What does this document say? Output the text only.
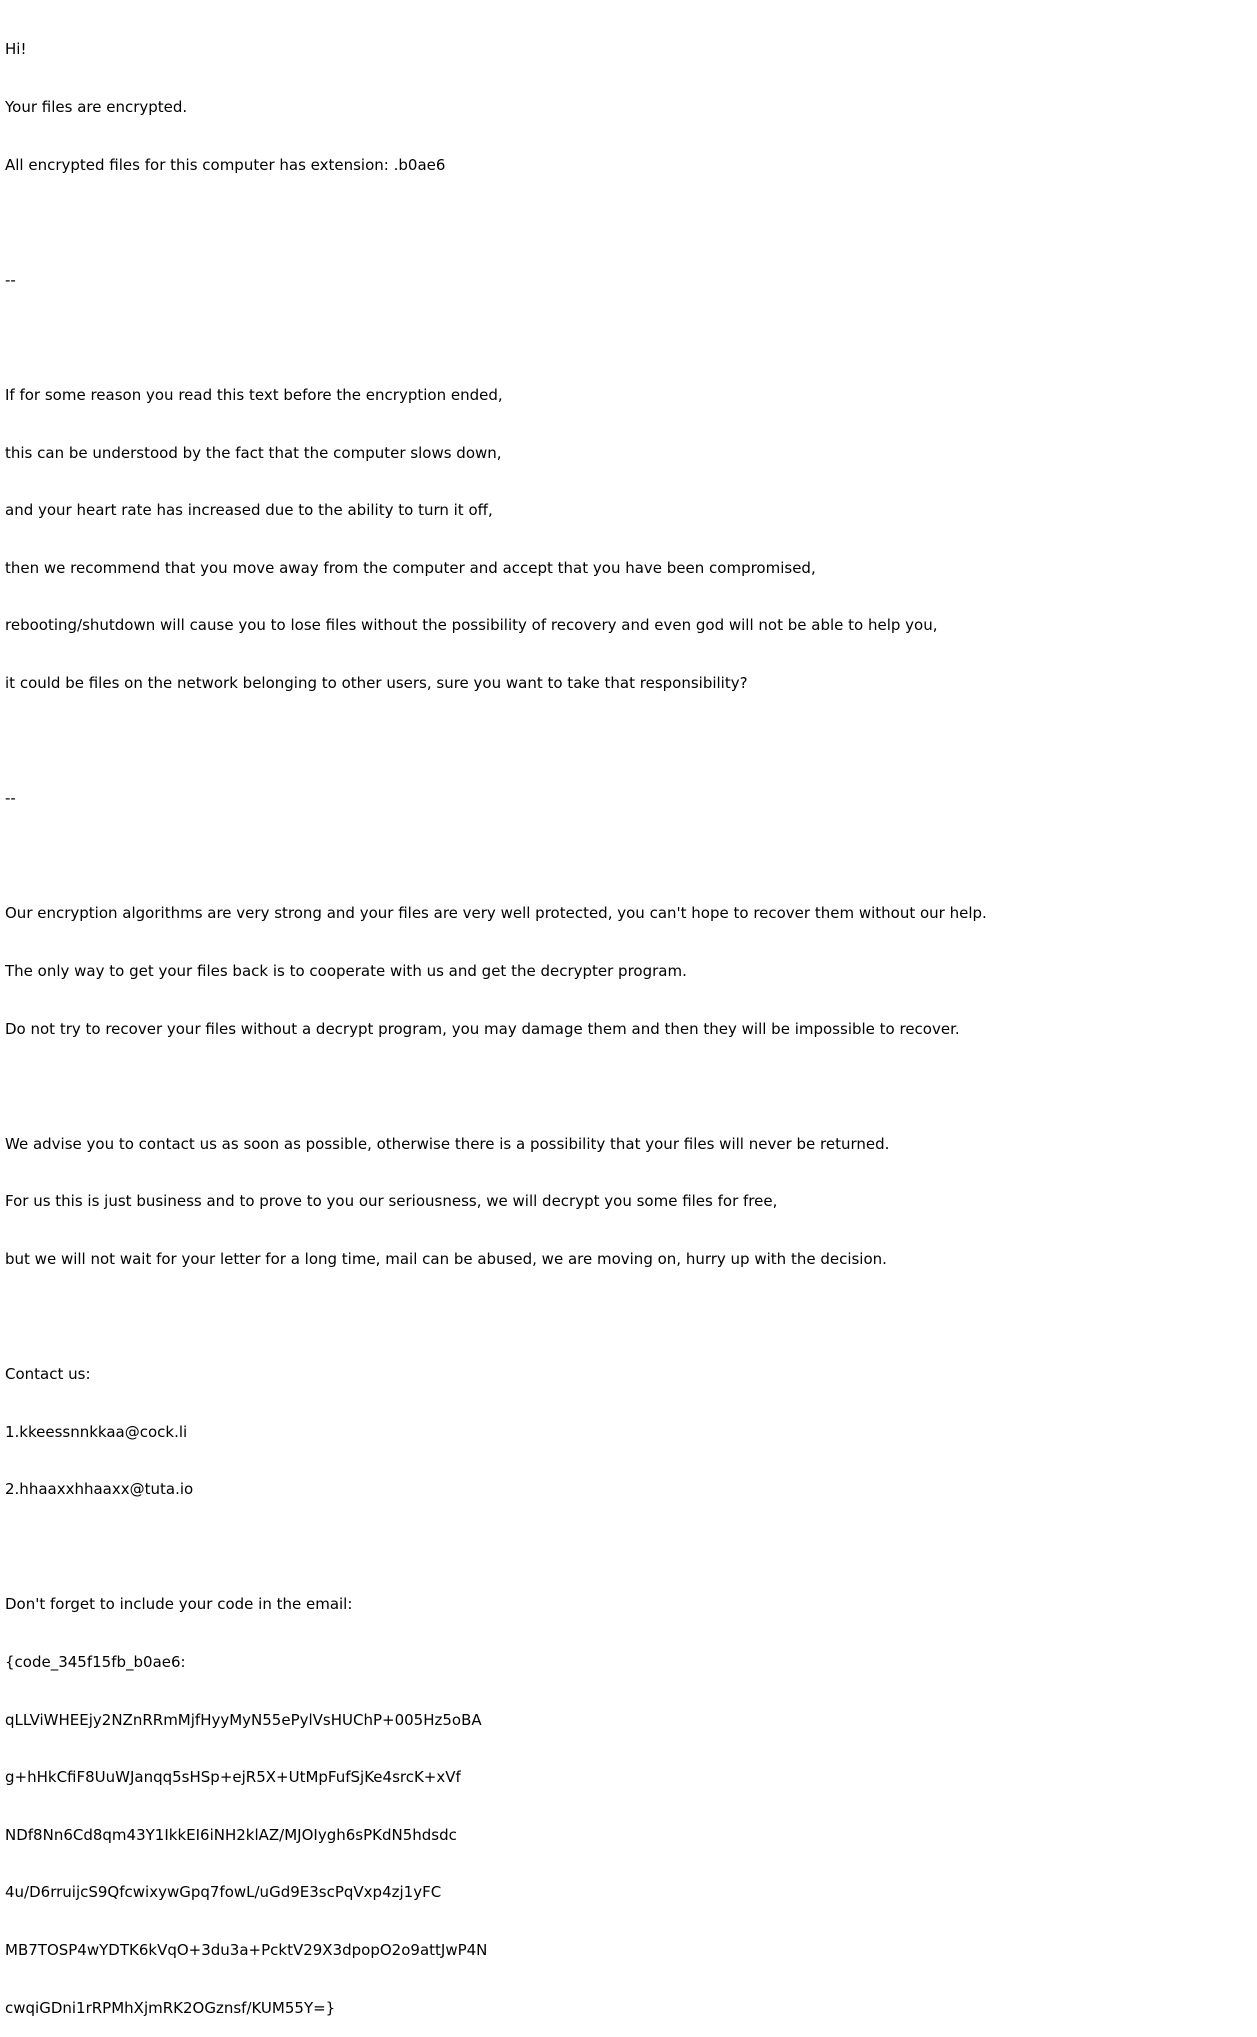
Hi!

Your files are encrypted.

All encrypted files for this computer has extension: .b0ae6

--

If for some reason you read this text before the encryption ended,

this can be understood by the fact that the computer slows down,

and your heart rate has increased due to the ability to turn it off,

then we recommend that you move away from the computer and accept that you have been compromised,

rebooting/shutdown will cause you to lose files without the possibility of recovery and even god will not be able to help you,

it could be files on the network belonging to other users, sure you want to take that responsibility?

--

Our encryption algorithms are very strong and your files are very well protected, you can't hope to recover them without our help.

The only way to get your files back is to cooperate with us and get the decrypter program.

Do not try to recover your files without a decrypt program, you may damage them and then they will be impossible to recover.

We advise you to contact us as soon as possible, otherwise there is a possibility that your files will never be returned.

For us this is just business and to prove to you our seriousness, we will decrypt you some files for free,

but we will not wait for your letter for a long time, mail can be abused, we are moving on, hurry up with the decision.

Contact us:

1.kkeessnnkkaa@cock.li

2.hhaaxxhhaaxx@tuta.io

Don't forget to include your code in the email:

{code_345f15fb_b0ae6:

qLLViWHEEjy2NZnRRmMjfHyyMyN55ePylVsHUChP+005Hz5oBA

g+hHkCfiF8UuWJanqq5sHSp+ejR5X+UtMpFufSjKe4srcK+xVf

NDf8Nn6Cd8qm43Y1IkkEI6iNH2klAZ/MJOIygh6sPKdN5hdsdc

4u/D6rruijcS9QfcwixywGpq7fowL/uGd9E3scPqVxp4zj1yFC

MB7TOSP4wYDTK6kVqO+3du3a+PcktV29X3dpopO2o9attJwP4N

cwqiGDni1rRPMhXjmRK2OGznsf/KUM55Y=}
